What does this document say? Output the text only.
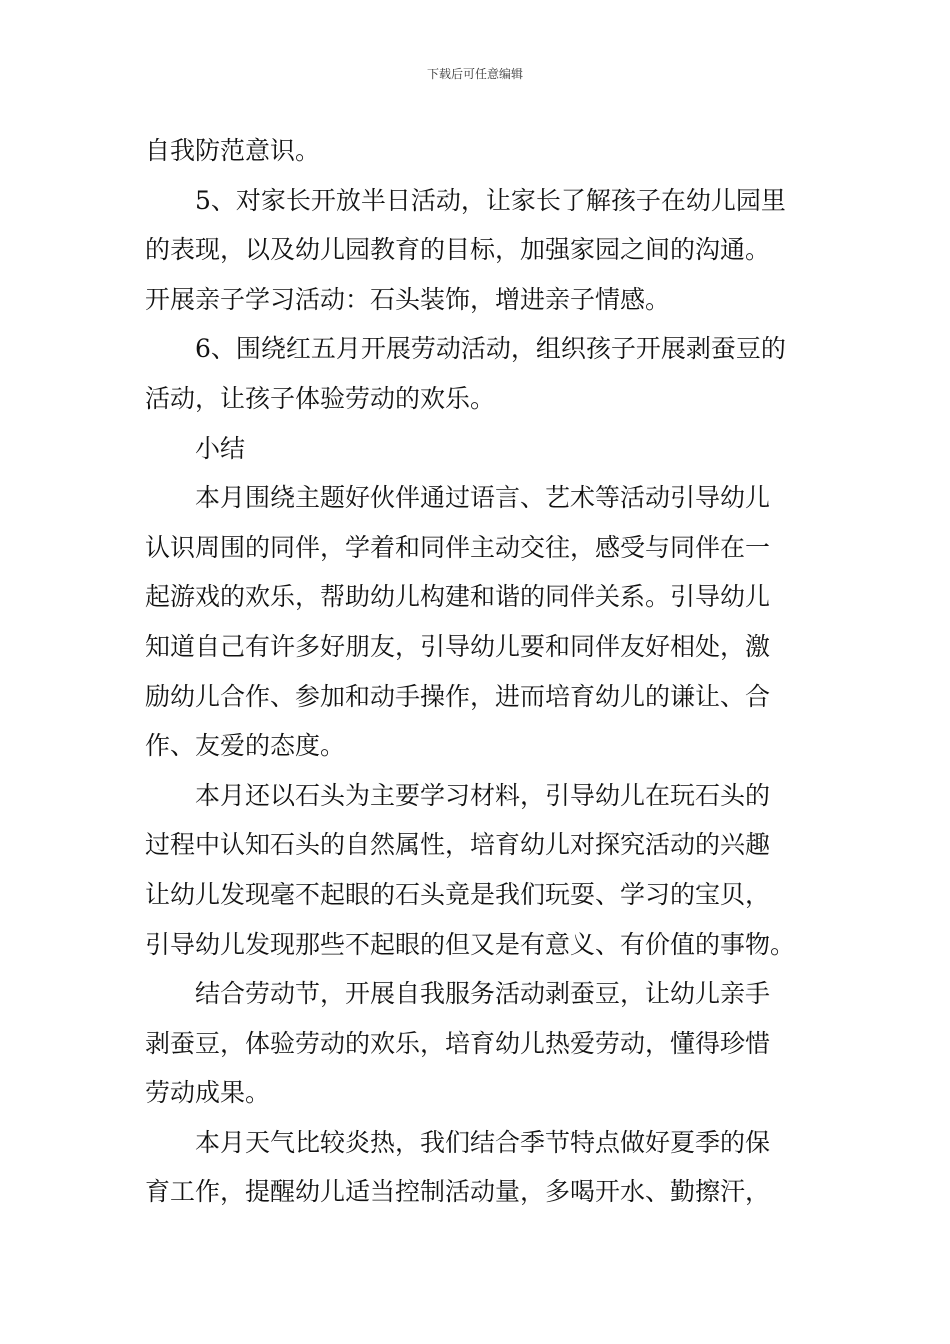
下载后可任意编辑

自我防范意识。

5、对家长开放半日活动，让家长了解孩子在幼儿园里
的表现，以及幼儿园教育的目标，加强家园之间的沟通。
开展亲子学习活动：石头装饰，增进亲子情感。

6、围绕红五月开展劳动活动，组织孩子开展剥蚕豆的
活动，让孩子体验劳动的欢乐。

小结

本月围绕主题好伙伴通过语言、艺术等活动引导幼儿
认识周围的同伴，学着和同伴主动交往，感受与同伴在一
起游戏的欢乐，帮助幼儿构建和谐的同伴关系。引导幼儿
知道自己有许多好朋友，引导幼儿要和同伴友好相处，激
励幼儿合作、参加和动手操作，进而培育幼儿的谦让、合
作、友爱的态度。

本月还以石头为主要学习材料，引导幼儿在玩石头的
过程中认知石头的自然属性，培育幼儿对探究活动的兴趣
让幼儿发现毫不起眼的石头竟是我们玩耍、学习的宝贝，
引导幼儿发现那些不起眼的但又是有意义、有价值的事物。

结合劳动节，开展自我服务活动剥蚕豆，让幼儿亲手
剥蚕豆，体验劳动的欢乐，培育幼儿热爱劳动，懂得珍惜
劳动成果。

本月天气比较炎热，我们结合季节特点做好夏季的保
育工作，提醒幼儿适当控制活动量，多喝开水、勤擦汗，
